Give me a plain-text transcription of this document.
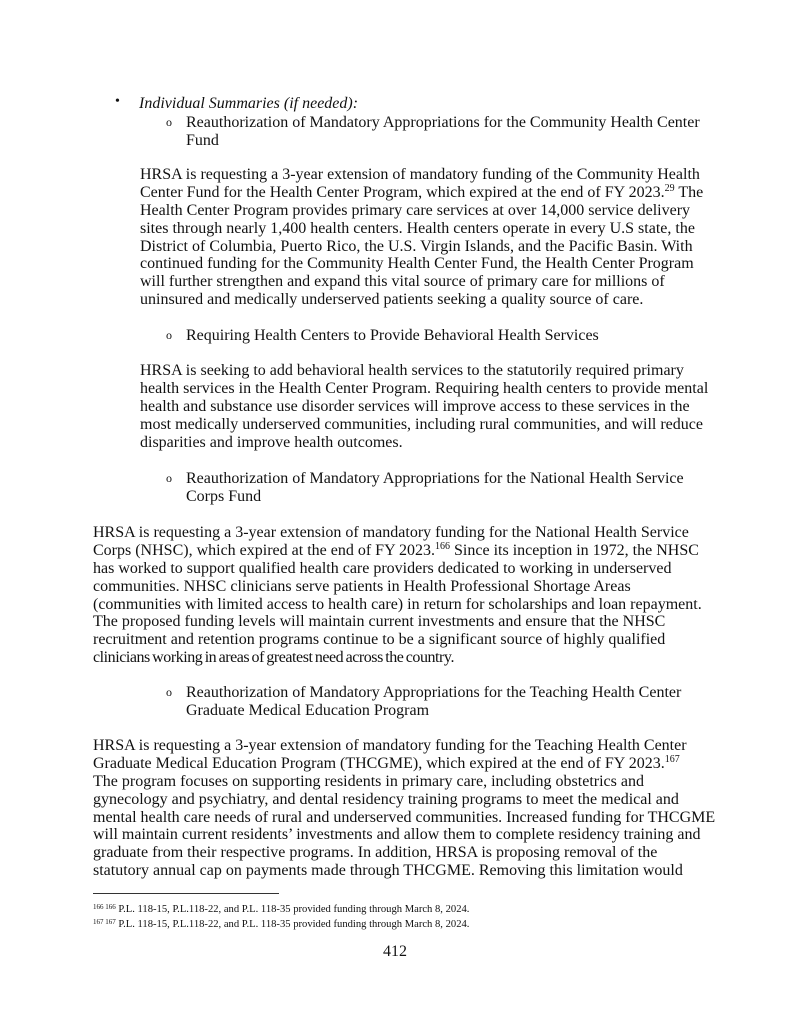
• Individual Summaries (if needed):
o Reauthorization of Mandatory Appropriations for the Community Health Center
Fund
HRSA is requesting a 3-year extension of mandatory funding of the Community Health
Center Fund for the Health Center Program, which expired at the end of FY 2023.29 The
Health Center Program provides primary care services at over 14,000 service delivery
sites through nearly 1,400 health centers. Health centers operate in every U.S state, the
District of Columbia, Puerto Rico, the U.S. Virgin Islands, and the Pacific Basin. With
continued funding for the Community Health Center Fund, the Health Center Program
will further strengthen and expand this vital source of primary care for millions of
uninsured and medically underserved patients seeking a quality source of care.
o Requiring Health Centers to Provide Behavioral Health Services
HRSA is seeking to add behavioral health services to the statutorily required primary
health services in the Health Center Program. Requiring health centers to provide mental
health and substance use disorder services will improve access to these services in the
most medically underserved communities, including rural communities, and will reduce
disparities and improve health outcomes.
o Reauthorization of Mandatory Appropriations for the National Health Service
Corps Fund
HRSA is requesting a 3-year extension of mandatory funding for the National Health Service
Corps (NHSC), which expired at the end of FY 2023.$^{166}$ Since its inception in 1972, the NHSC
has worked to support qualified health care providers dedicated to working in underserved
communities. NHSC clinicians serve patients in Health Professional Shortage Areas
(communities with limited access to health care) in return for scholarships and loan repayment.
The proposed funding levels will maintain current investments and ensure that the NHSC
recruitment and retention programs continue to be a significant source of highly qualified
clinicians working in areas of greatest need across the country.
o Reauthorization of Mandatory Appropriations for the Teaching Health Center
Graduate Medical Education Program
HRSA is requesting a 3-year extension of mandatory funding for the Teaching Health Center
Graduate Medical Education Program (THCGME), which expired at the end of FY 2023.$^{167}$
The program focuses on supporting residents in primary care, including obstetrics and
gynecology and psychiatry, and dental residency training programs to meet the medical and
mental health care needs of rural and underserved communities. Increased funding for THCGME
will maintain current residents’ investments and allow them to complete residency training and
graduate from their respective programs. In addition, HRSA is proposing removal of the
statutory annual cap on payments made through THCGME. Removing this limitation would
$^{166 166}$ P.L. 118-15, P.L.118-22, and P.L. 118-35 provided funding through March 8, 2024.
$^{167 167}$ P.L. 118-15, P.L.118-22, and P.L. 118-35 provided funding through March 8, 2024.
412
